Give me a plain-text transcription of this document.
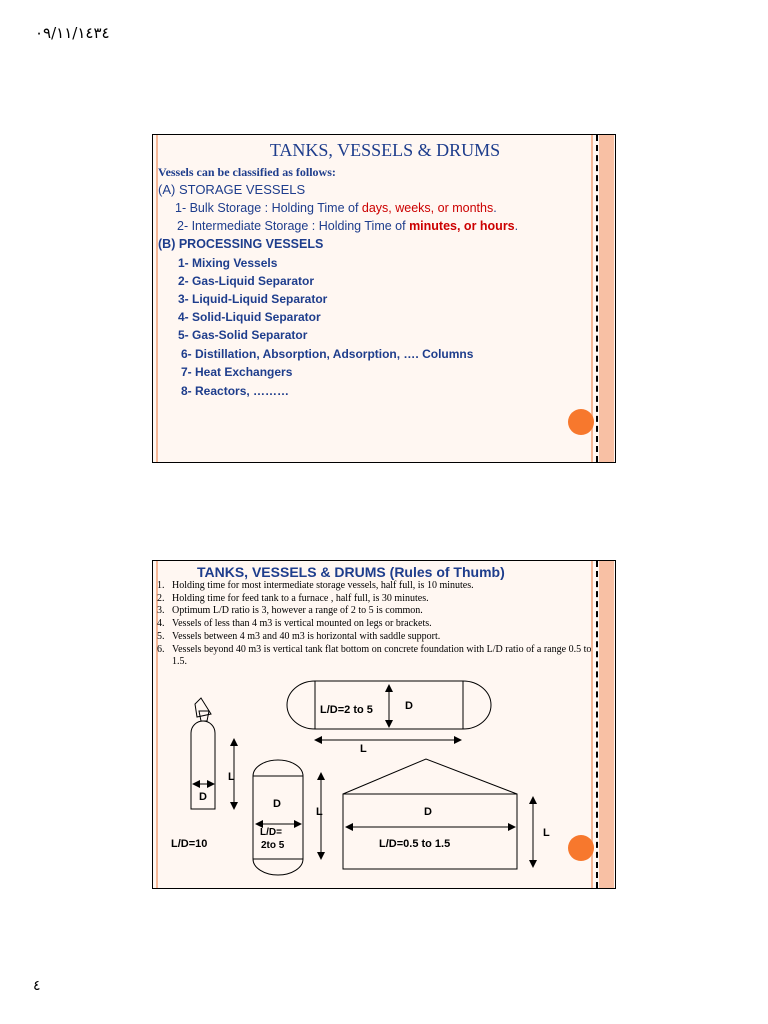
٠٩/١١/١٤٣٤
TANKS, VESSELS & DRUMS
Vessels can be classified as follows:
(A) STORAGE VESSELS
1- Bulk Storage : Holding Time of days, weeks, or months.
2- Intermediate Storage : Holding Time of minutes, or hours.
(B) PROCESSING VESSELS
1- Mixing Vessels
2- Gas-Liquid Separator
3- Liquid-Liquid Separator
4- Solid-Liquid Separator
5- Gas-Solid Separator
6- Distillation, Absorption, Adsorption, …. Columns
7- Heat Exchangers
8- Reactors, ………
TANKS, VESSELS & DRUMS (Rules of Thumb)
1. Holding time for most intermediate storage vessels, half full, is 10 minutes.
2. Holding time for feed tank to a furnace , half full, is 30 minutes.
3. Optimum L/D ratio is 3, however a range of 2 to 5 is common.
4. Vessels of less than 4 m3 is vertical mounted on legs or brackets.
5. Vessels between 4 m3 and 40 m3 is horizontal with saddle support.
6. Vessels beyond 40 m3 is vertical tank flat bottom on concrete foundation with L/D ratio of a range 0.5 to 1.5.
L/D=2 to 5	D
L
L
D
L/D=10
D
L
L/D=
2to 5
D
L/D=0.5 to 1.5
L
٤
